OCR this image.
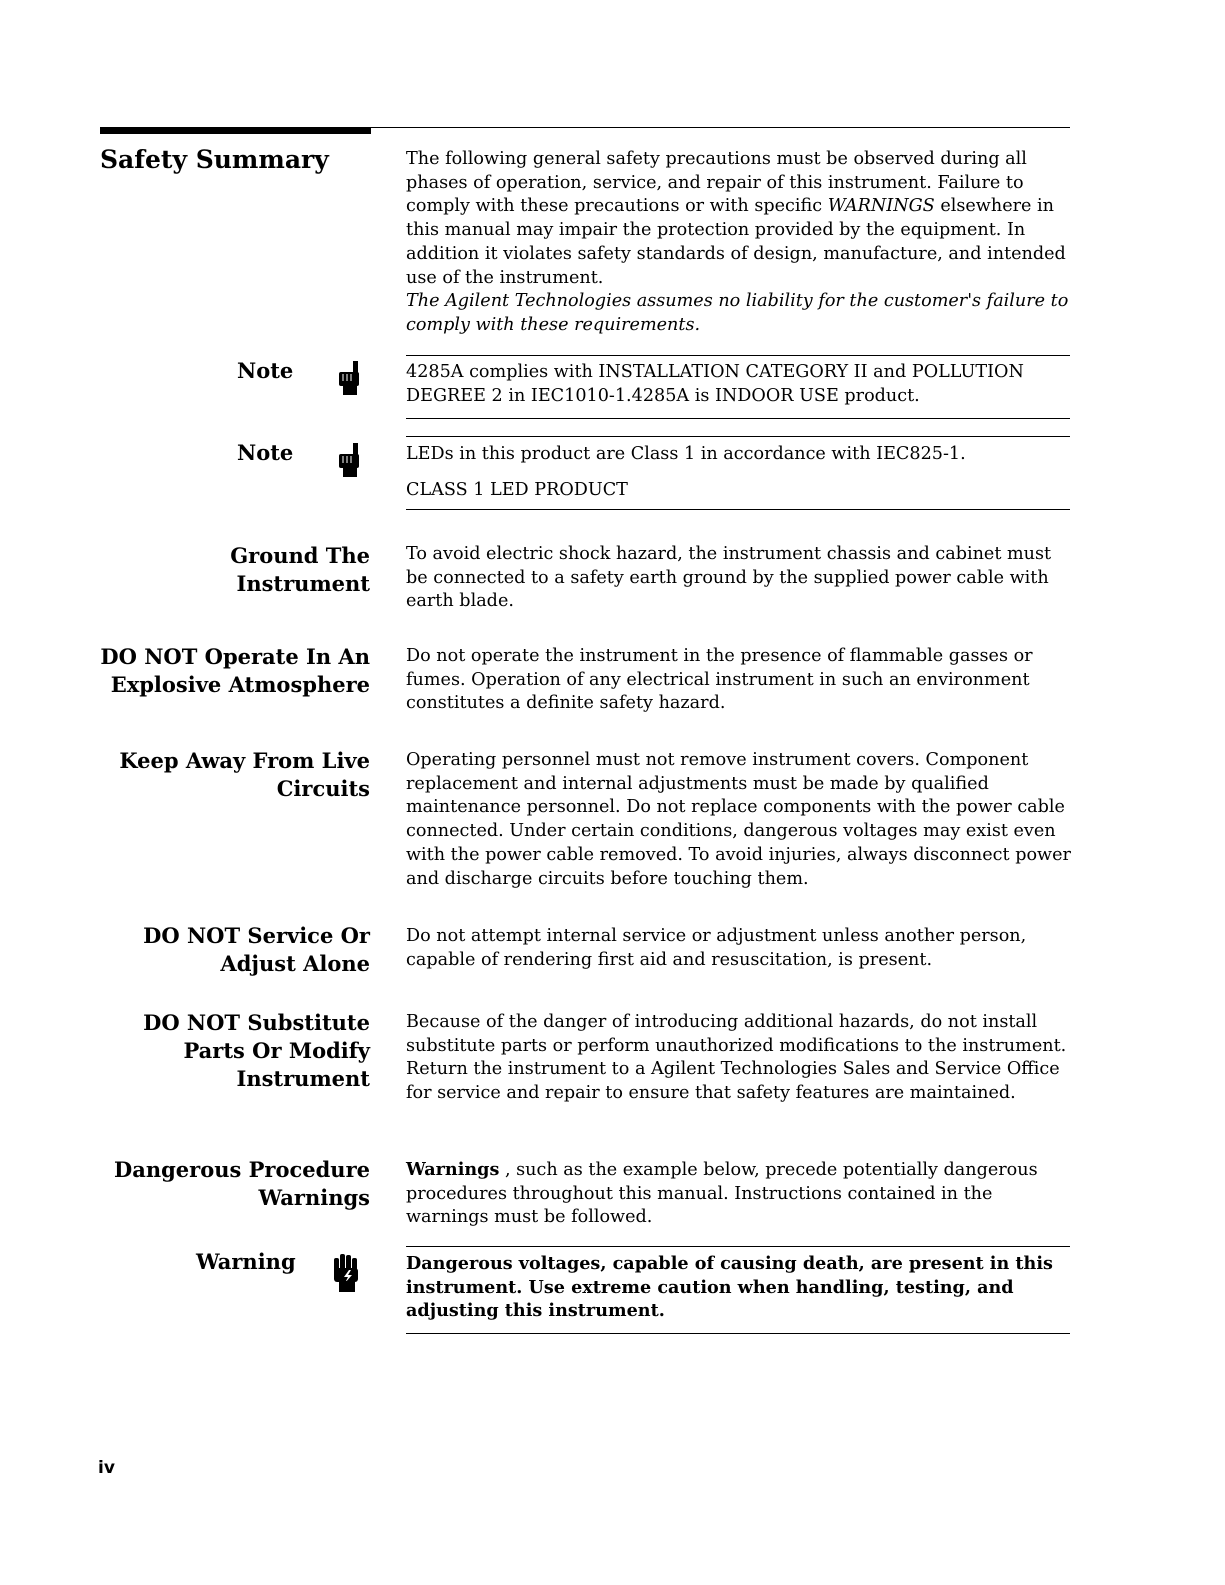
Safety Summary	The following general safety precautions must be observed during all phases of operation, service, and repair of this instrument. Failure to comply with these precautions or with specific WARNINGS elsewhere in this manual may impair the protection provided by the equipment. In addition it violates safety standards of design, manufacture, and intended use of the instrument.

The Agilent Technologies assumes no liability for the customer's failure to comply with these requirements.

Note	4285A complies with INSTALLATION CATEGORY II and POLLUTION DEGREE 2 in IEC1010-1.4285A is INDOOR USE product.
Note	LEDs in this product are Class 1 in accordance with IEC825-1.

CLASS 1 LED PRODUCT

Ground The
Instrument
To avoid electric shock hazard, the instrument chassis and cabinet must be connected to a safety earth ground by the supplied power cable with earth blade.
DO NOT Operate In An
Explosive Atmosphere
Do not operate the instrument in the presence of flammable gasses or fumes. Operation of any electrical instrument in such an environment constitutes a definite safety hazard.
Keep Away From Live
Circuits
Operating personnel must not remove instrument covers. Component replacement and internal adjustments must be made by qualified maintenance personnel. Do not replace components with the power cable connected. Under certain conditions, dangerous voltages may exist even with the power cable removed. To avoid injuries, always disconnect power and discharge circuits before touching them.
DO NOT Service Or
Adjust Alone
Do not attempt internal service or adjustment unless another person, capable of rendering first aid and resuscitation, is present.
DO NOT Substitute
Parts Or Modify
Instrument
Because of the danger of introducing additional hazards, do not install substitute parts or perform unauthorized modifications to the instrument. Return the instrument to a Agilent Technologies Sales and Service Office for service and repair to ensure that safety features are maintained.
Dangerous Procedure
Warnings
Warnings , such as the example below, precede potentially dangerous procedures throughout this manual. Instructions contained in the warnings must be followed.
Warning	Dangerous voltages, capable of causing death, are present in this instrument. Use extreme caution when handling, testing, and adjusting this instrument.
iv
